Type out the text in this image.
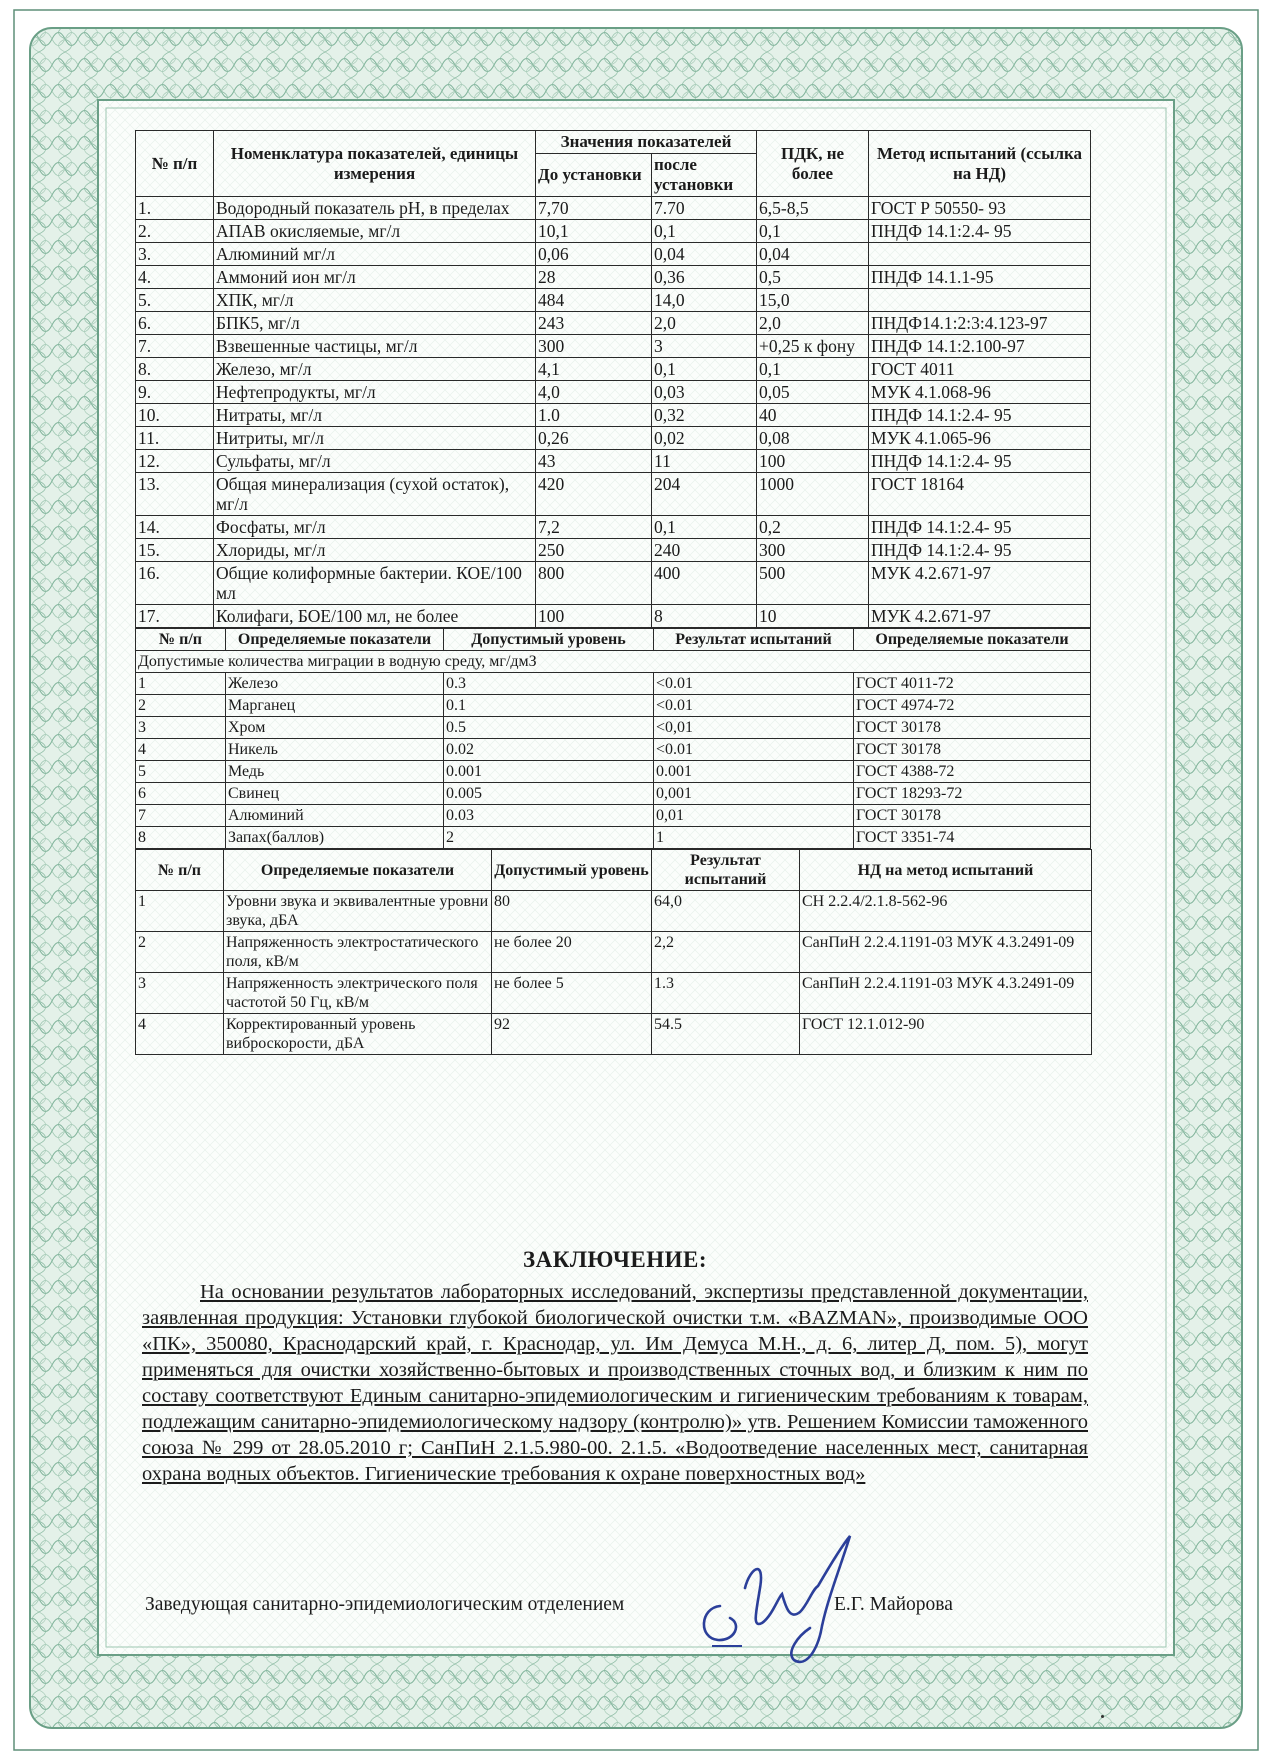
№ п/п	Номенклатура показателей, единицы измерения	Значения показателей		ПДК, не более	Метод испытаний (ссылка на НД)
		До установки	после установки		
1.	Водородный показатель pH, в пределах	7,70	7.70	6,5-8,5	ГОСТ Р 50550- 93
2.	АПАВ окисляемые, мг/л	10,1	0,1	0,1	ПНДФ 14.1:2.4- 95
3.	Алюминий мг/л	0,06	0,04	0,04	
4.	Аммоний ион мг/л	28	0,36	0,5	ПНДФ 14.1.1-95
5.	ХПК, мг/л	484	14,0	15,0	
6.	БПК5, мг/л	243	2,0	2,0	ПНДФ14.1:2:3:4.123-97
7.	Взвешенные частицы, мг/л	300	3	+0,25 к фону	ПНДФ 14.1:2.100-97
8.	Железо, мг/л	4,1	0,1	0,1	ГОСТ 4011
9.	Нефтепродукты, мг/л	4,0	0,03	0,05	МУК 4.1.068-96
10.	Нитраты, мг/л	1.0	0,32	40	ПНДФ 14.1:2.4- 95
11.	Нитриты, мг/л	0,26	0,02	0,08	МУК 4.1.065-96
12.	Сульфаты, мг/л	43	11	100	ПНДФ 14.1:2.4- 95
13.	Общая минерализация (сухой остаток), мг/л	420	204	1000	ГОСТ 18164
14.	Фосфаты, мг/л	7,2	0,1	0,2	ПНДФ 14.1:2.4- 95
15.	Хлориды, мг/л	250	240	300	ПНДФ 14.1:2.4- 95
16.	Общие колиформные бактерии. КОЕ/100 мл	800	400	500	МУК 4.2.671-97
17.	Колифаги, БОЕ/100 мл, не более	100	8	10	МУК 4.2.671-97
№ п/п	Определяемые показатели	Допустимый уровень	Результат испытаний	Определяемые показатели
Допустимые количества миграции в водную среду, мг/дмЗ				
1	Железо	0.3	<0.01	ГОСТ 4011-72
2	Марганец	0.1	<0.01	ГОСТ 4974-72
3	Хром	0.5	<0,01	ГОСТ 30178
4	Никель	0.02	<0.01	ГОСТ 30178
5	Медь	0.001	0.001	ГОСТ 4388-72
6	Свинец	0.005	0,001	ГОСТ 18293-72
7	Алюминий	0.03	0,01	ГОСТ 30178
8	Запах(баллов)	2	1	ГОСТ 3351-74
№ п/п	Определяемые показатели	Допустимый уровень	Результат испытаний	НД на метод испытаний
1	Уровни звука и эквивалентные уровни звука, дБА	80	64,0	СН 2.2.4/2.1.8-562-96
2	Напряженность электростатического поля, кВ/м	не более 20	2,2	СанПиН 2.2.4.1191-03 МУК 4.3.2491-09
3	Напряженность электрического поля частотой 50 Гц, кВ/м	не более 5	1.3	СанПиН 2.2.4.1191-03 МУК 4.3.2491-09
4	Корректированный уровень виброскорости, дБА	92	54.5	ГОСТ 12.1.012-90

ЗАКЛЮЧЕНИЕ:

На основании результатов лабораторных исследований, экспертизы представленной документации, заявленная продукция: Установки глубокой биологической очистки т.м. «BAZMAN», производимые ООО «ПК», 350080, Краснодарский край, г. Краснодар, ул. Им Демуса М.Н., д. 6, литер Д, пом. 5), могут применяться для очистки хозяйственно-бытовых и производственных сточных вод, и близким к ним по составу соответствуют Единым санитарно-эпидемиологическим и гигиеническим требованиям к товарам, подлежащим санитарно-эпидемиологическому надзору (контролю)» утв. Решением Комиссии таможенного союза № 299 от 28.05.2010 г; СанПиН 2.1.5.980-00. 2.1.5. «Водоотведение населенных мест, санитарная охрана водных объектов. Гигиенические требования к охране поверхностных вод»

Заведующая санитарно-эпидемиологическим отделением	Е.Г. Майорова
